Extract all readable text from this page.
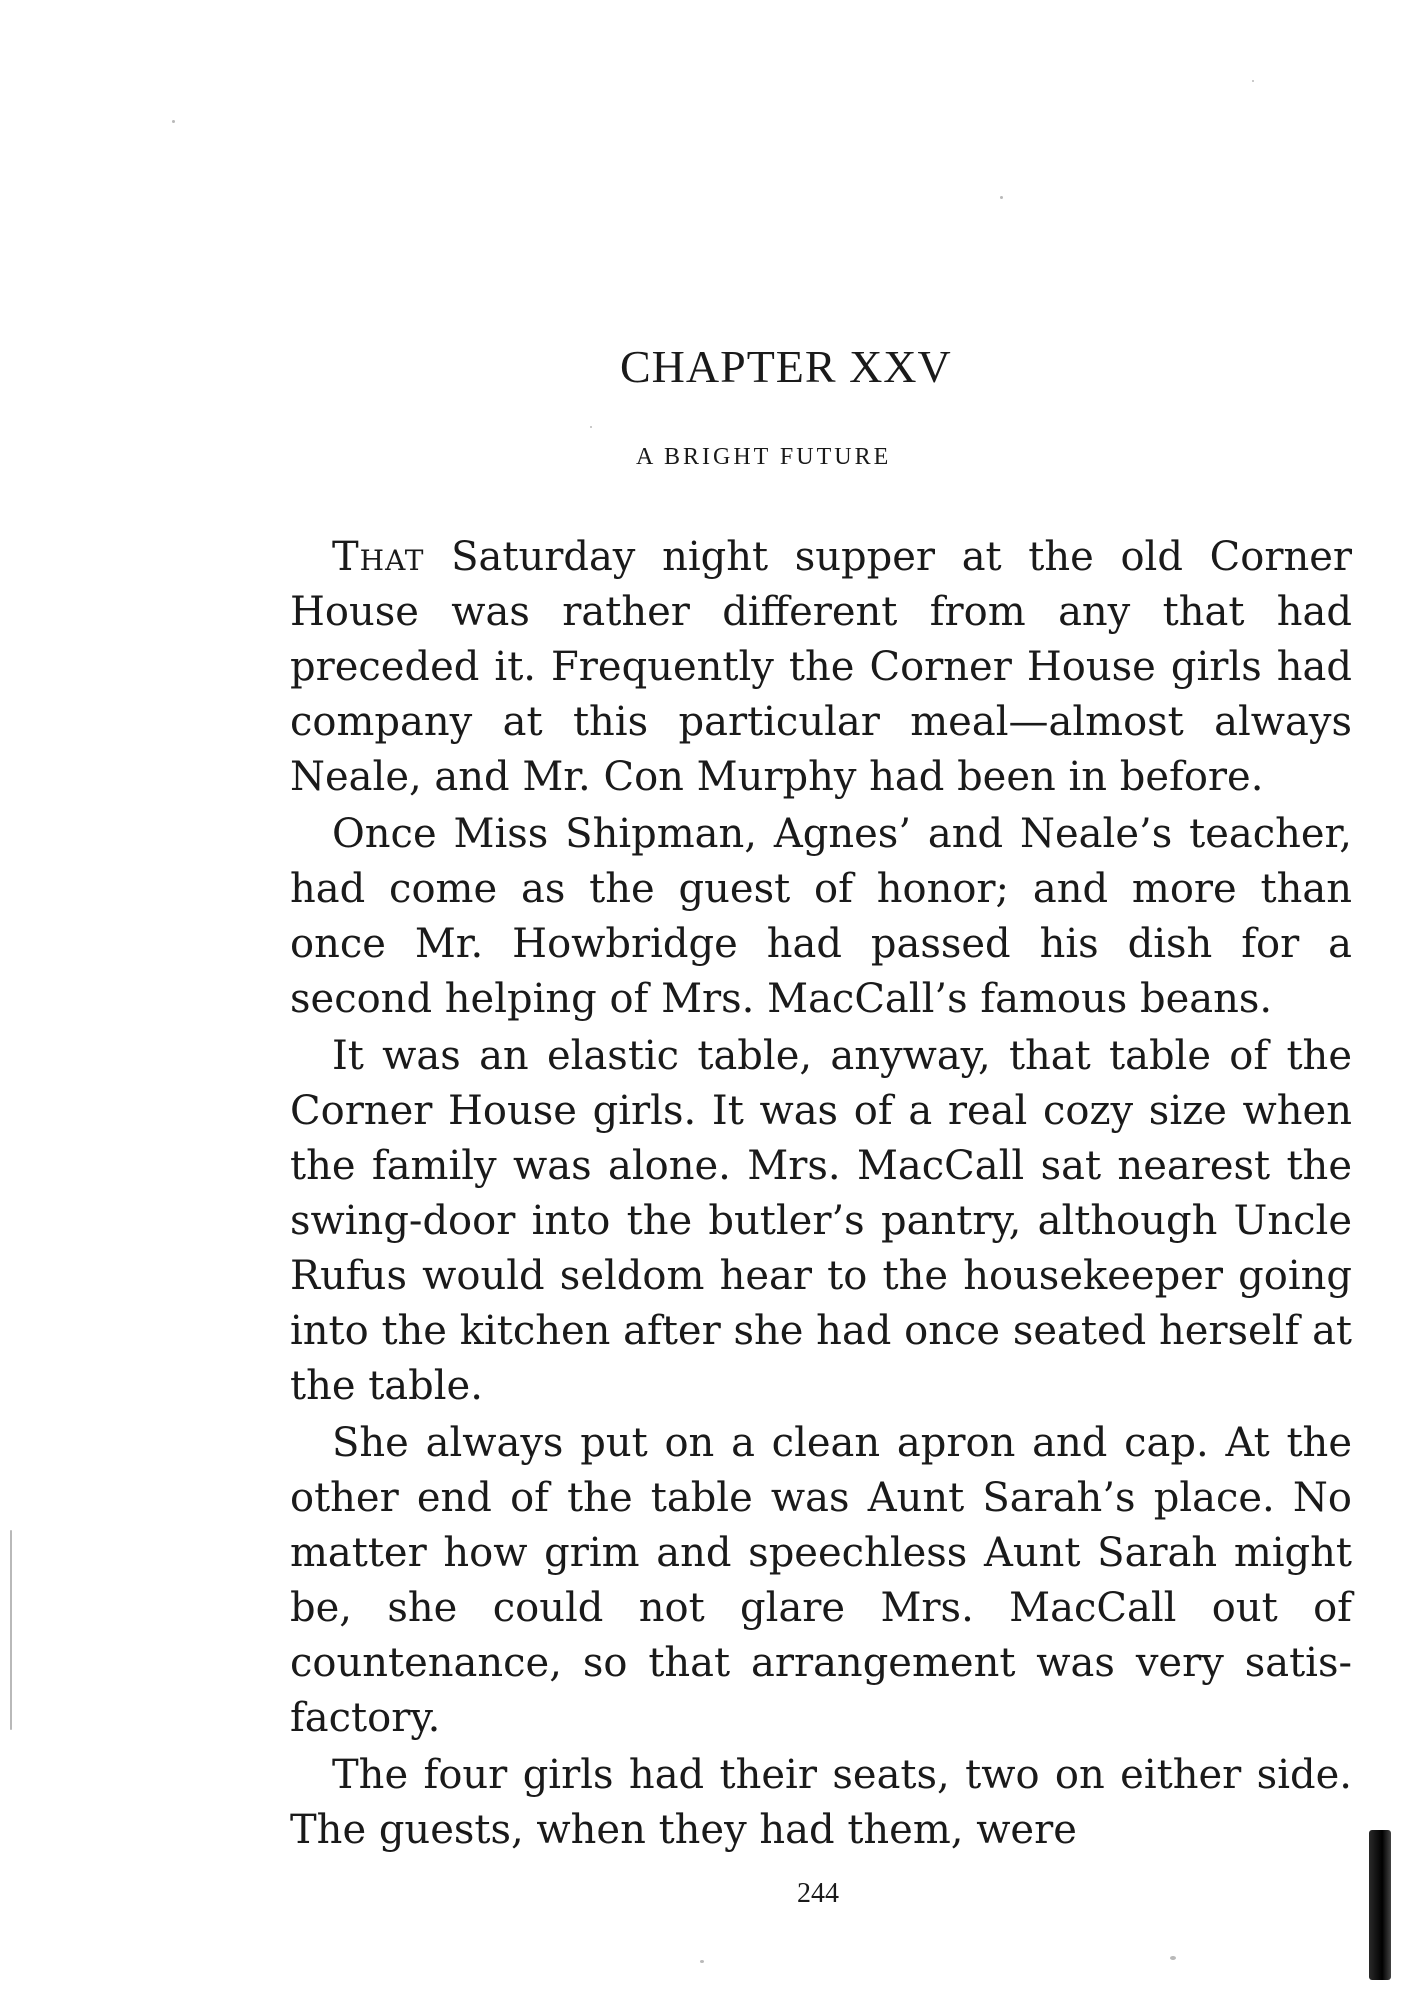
CHAPTER XXV
A BRIGHT FUTURE

That Saturday night supper at the old Corner House was rather different from any that had preceded it. Frequently the Corner House girls had company at this particular meal—almost always Neale, and Mr. Con Murphy had been in before.

Once Miss Shipman, Agnes’ and Neale’s teacher, had come as the guest of honor; and more than once Mr. Howbridge had passed his dish for a second helping of Mrs. MacCall’s famous beans.

It was an elastic table, anyway, that table of the Corner House girls. It was of a real cozy size when the family was alone. Mrs. MacCall sat nearest the swing-door into the butler’s pantry, although Uncle Rufus would seldom hear to the housekeeper going into the kitchen after she had once seated herself at the table.

She always put on a clean apron and cap. At the other end of the table was Aunt Sarah’s place. No matter how grim and speechless Aunt Sarah might be, she could not glare Mrs. MacCall out of countenance, so that arrangement was very satisfactory.

The four girls had their seats, two on either side. The guests, when they had them, were

244
